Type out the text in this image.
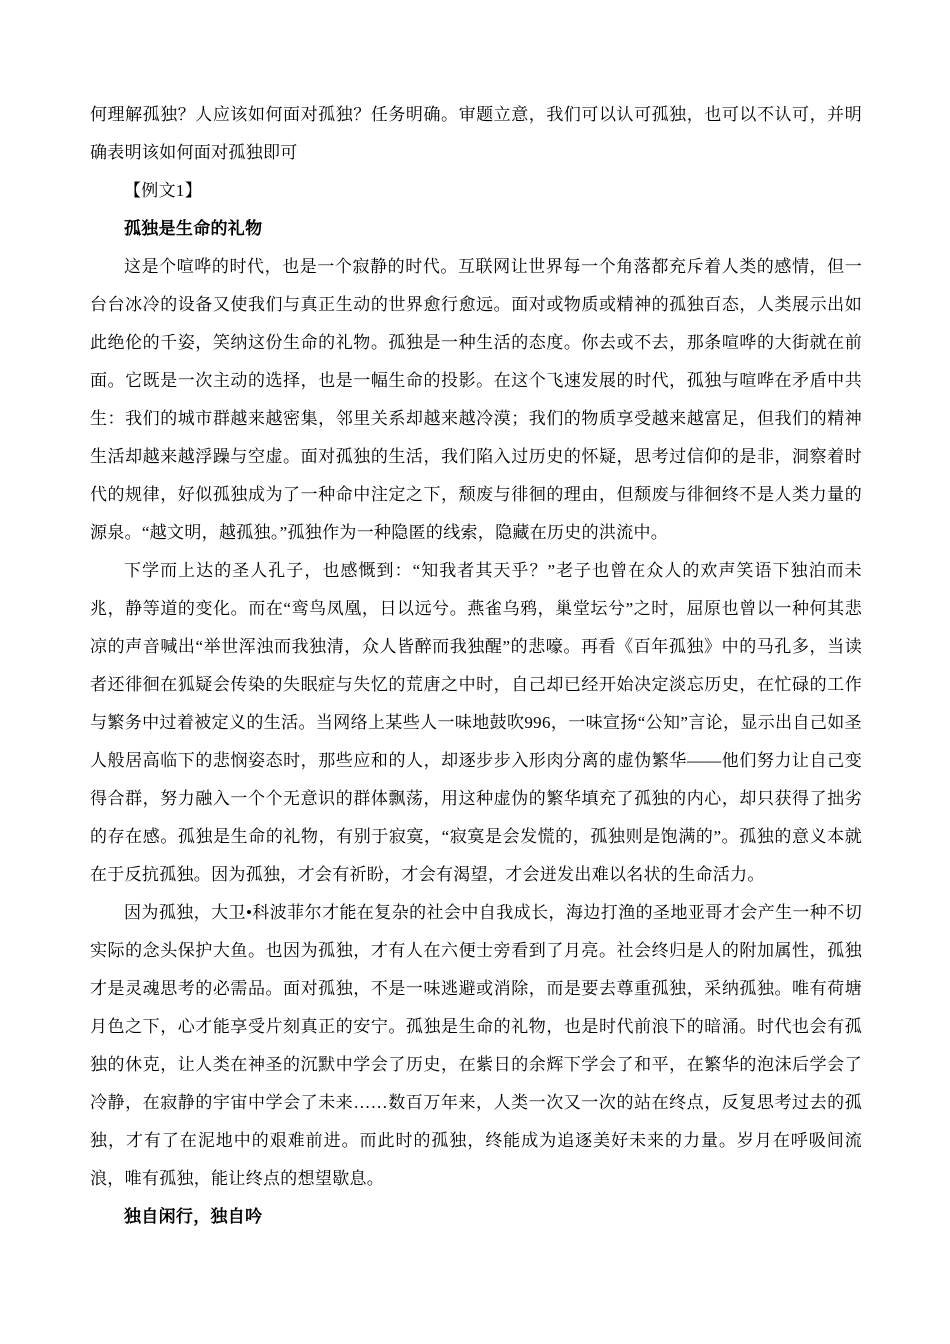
何理解孤独？人应该如何面对孤独？任务明确。审题立意，我们可以认可孤独，也可以不认可，并明确表明该如何面对孤独即可

【例文1】

孤独是生命的礼物

这是个喧哗的时代，也是一个寂静的时代。互联网让世界每一个角落都充斥着人类的感情，但一台台冰冷的设备又使我们与真正生动的世界愈行愈远。面对或物质或精神的孤独百态，人类展示出如此绝伦的千姿，笑纳这份生命的礼物。孤独是一种生活的态度。你去或不去，那条喧哗的大街就在前面。它既是一次主动的选择，也是一幅生命的投影。在这个飞速发展的时代，孤独与喧哗在矛盾中共生：我们的城市群越来越密集，邻里关系却越来越冷漠；我们的物质享受越来越富足，但我们的精神生活却越来越浮躁与空虚。面对孤独的生活，我们陷入过历史的怀疑，思考过信仰的是非，洞察着时代的规律，好似孤独成为了一种命中注定之下，颓废与徘徊的理由，但颓废与徘徊终不是人类力量的源泉。“越文明，越孤独。”孤独作为一种隐匿的线索，隐藏在历史的洪流中。

下学而上达的圣人孔子，也感慨到：“知我者其天乎？”老子也曾在众人的欢声笑语下独泊而未兆，静等道的变化。而在“鸾鸟凤凰，日以远兮。燕雀乌鸦，巢堂坛兮”之时，屈原也曾以一种何其悲凉的声音喊出“举世浑浊而我独清，众人皆醉而我独醒”的悲嚎。再看《百年孤独》中的马孔多，当读者还徘徊在狐疑会传染的失眠症与失忆的荒唐之中时，自己却已经开始决定淡忘历史，在忙碌的工作与繁务中过着被定义的生活。当网络上某些人一味地鼓吹996，一味宣扬“公知”言论，显示出自己如圣人般居高临下的悲悯姿态时，那些应和的人，却逐步步入形肉分离的虚伪繁华——他们努力让自己变得合群，努力融入一个个无意识的群体飘荡，用这种虚伪的繁华填充了孤独的内心，却只获得了拙劣的存在感。孤独是生命的礼物，有别于寂寞，“寂寞是会发慌的，孤独则是饱满的”。孤独的意义本就在于反抗孤独。因为孤独，才会有祈盼，才会有渴望，才会迸发出难以名状的生命活力。

因为孤独，大卫•科波菲尔才能在复杂的社会中自我成长，海边打渔的圣地亚哥才会产生一种不切实际的念头保护大鱼。也因为孤独，才有人在六便士旁看到了月亮。社会终归是人的附加属性，孤独才是灵魂思考的必需品。面对孤独，不是一味逃避或消除，而是要去尊重孤独，采纳孤独。唯有荷塘月色之下，心才能享受片刻真正的安宁。孤独是生命的礼物，也是时代前浪下的暗涌。时代也会有孤独的休克，让人类在神圣的沉默中学会了历史，在紫日的余辉下学会了和平，在繁华的泡沫后学会了冷静，在寂静的宇宙中学会了未来……数百万年来，人类一次又一次的站在终点，反复思考过去的孤独，才有了在泥地中的艰难前进。而此时的孤独，终能成为追逐美好未来的力量。岁月在呼吸间流浪，唯有孤独，能让终点的想望歇息。

独自闲行，独自吟
